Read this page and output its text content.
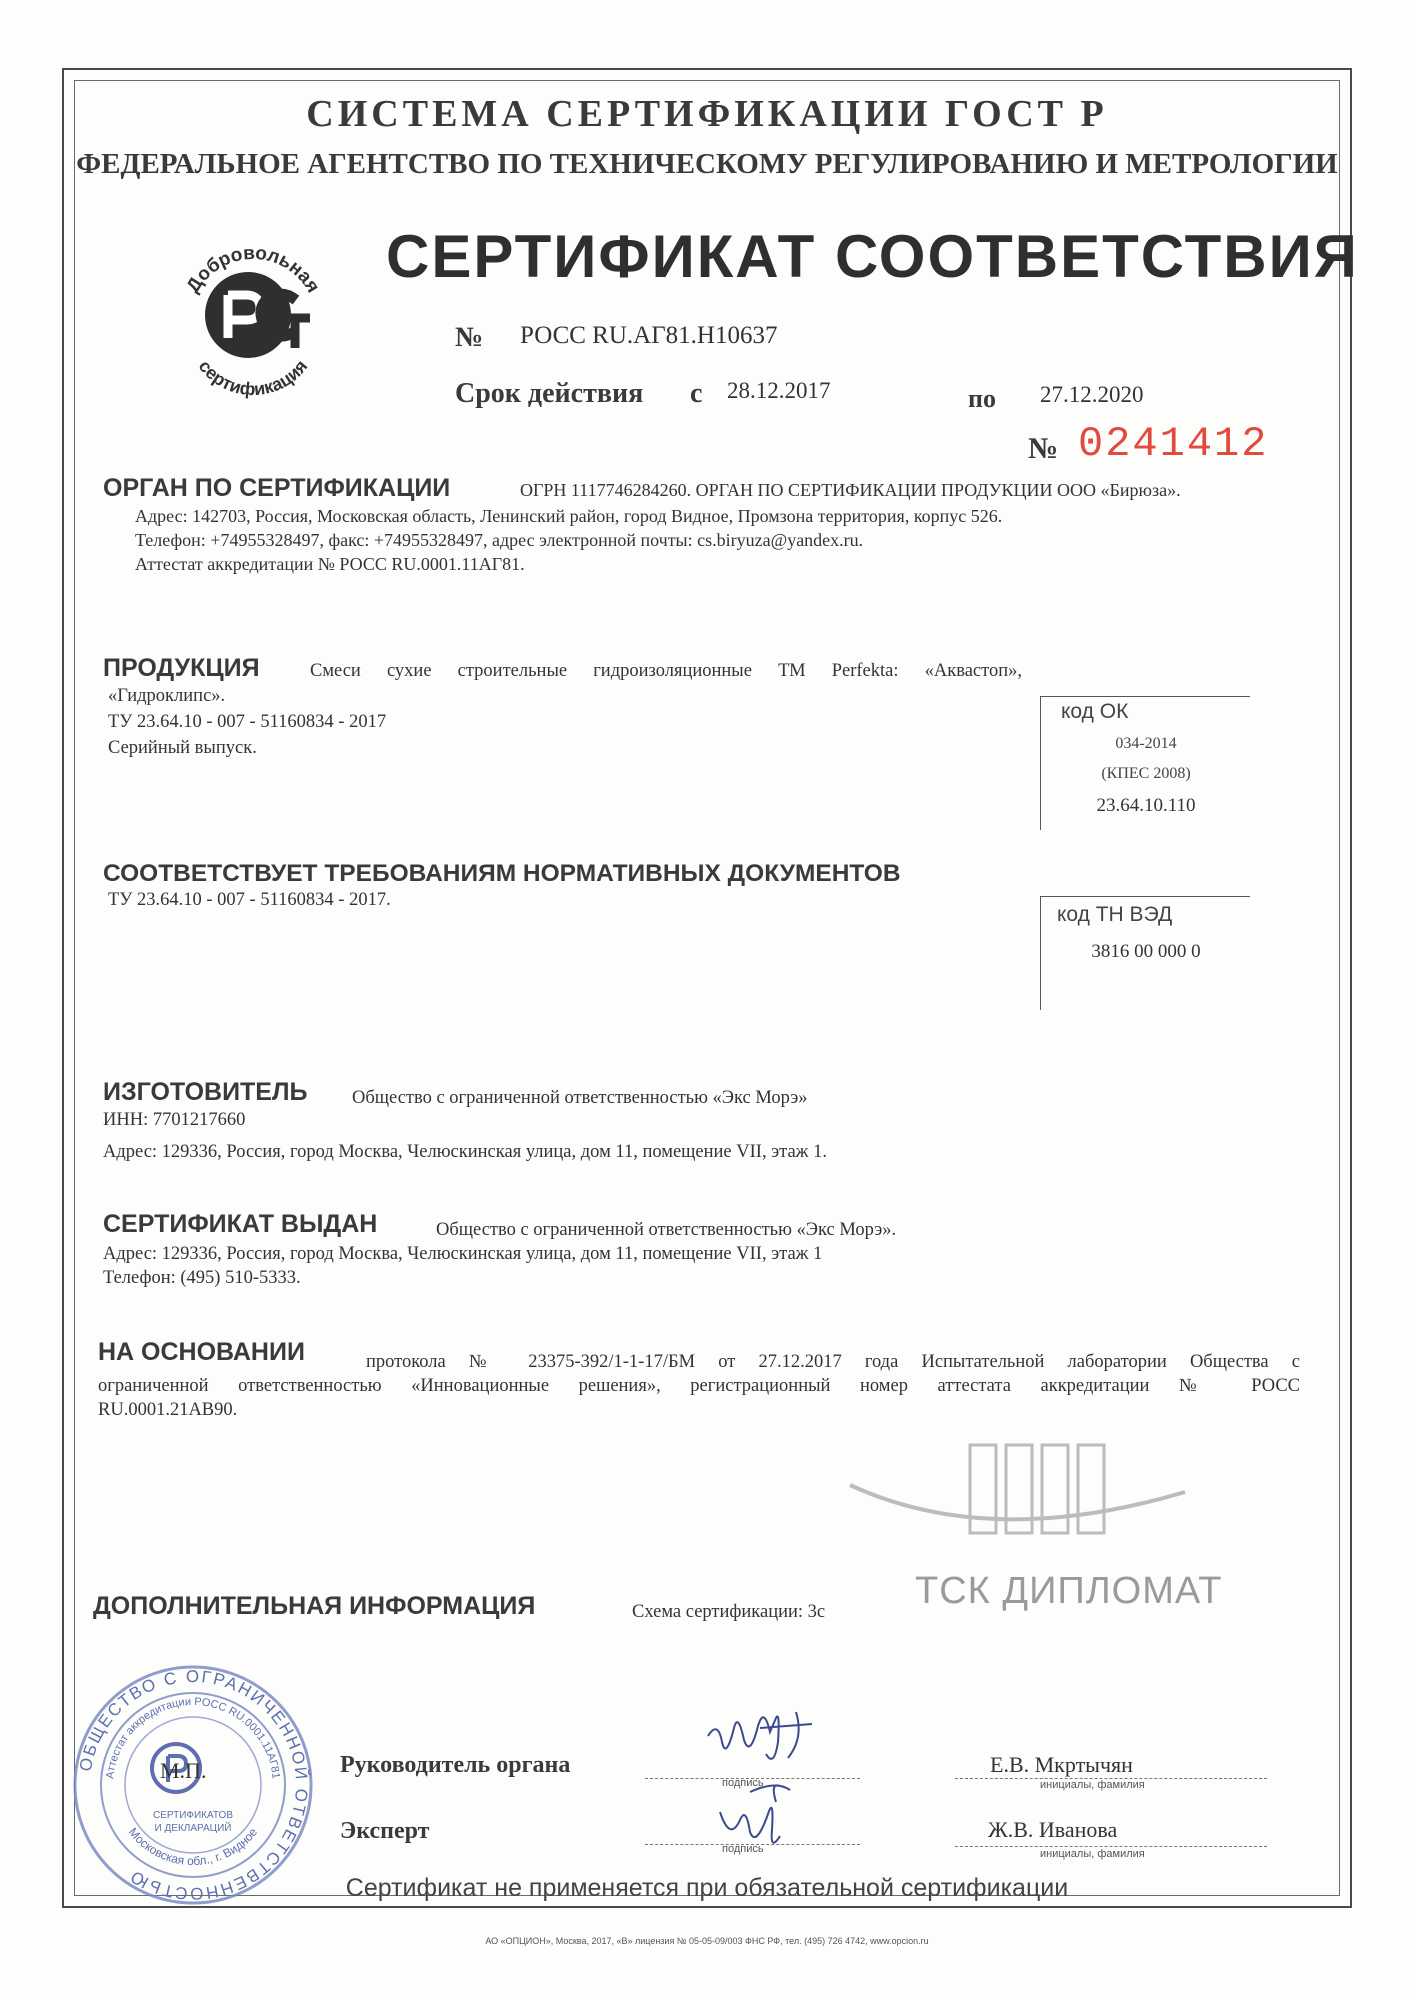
СИСТЕМА СЕРТИФИКАЦИИ ГОСТ Р
ФЕДЕРАЛЬНОЕ АГЕНТСТВО ПО ТЕХНИЧЕСКОМУ РЕГУЛИРОВАНИЮ И МЕТРОЛОГИИ
СЕРТИФИКАТ СООТВЕТСТВИЯ
Добровольная
сертификация
№ РОСС RU.АГ81.Н10637
Срок действия с 28.12.2017	по 27.12.2020
№ 0241412
ОРГАН ПО СЕРТИФИКАЦИИ	ОГРН 1117746284260. ОРГАН ПО СЕРТИФИКАЦИИ ПРОДУКЦИИ ООО «Бирюза».
Адрес: 142703, Россия, Московская область, Ленинский район, город Видное, Промзона территория, корпус 526.
Телефон: +74955328497, факс: +74955328497, адрес электронной почты: cs.biryuza@yandex.ru.
Аттестат аккредитации № РОСС RU.0001.11АГ81.
ПРОДУКЦИЯ	Смеси сухие строительные гидроизоляционные ТМ Perfekta: «Аквастоп»,
«Гидроклипс».
ТУ 23.64.10 - 007 - 51160834 - 2017
Серийный выпуск.
код ОК
034-2014
(КПЕС 2008)
23.64.10.110
СООТВЕТСТВУЕТ ТРЕБОВАНИЯМ НОРМАТИВНЫХ ДОКУМЕНТОВ
ТУ 23.64.10 - 007 - 51160834 - 2017.
код ТН ВЭД
3816 00 000 0
ИЗГОТОВИТЕЛЬ Общество с ограниченной ответственностью «Экс Морэ»
ИНН: 7701217660
Адрес: 129336, Россия, город Москва, Челюскинская улица, дом 11, помещение VII, этаж 1.
СЕРТИФИКАТ ВЫДАН	Общество с ограниченной ответственностью «Экс Морэ».
Адрес: 129336, Россия, город Москва, Челюскинская улица, дом 11, помещение VII, этаж 1
Телефон: (495) 510-5333.
НА ОСНОВАНИИ	протокола № 23375-392/1-1-17/БМ от 27.12.2017 года Испытательной лаборатории Общества с
ограниченной ответственностью «Инновационные решения», регистрационный номер аттестата аккредитации № РОСС
RU.0001.21АВ90.
ТСК ДИПЛОМАТ
ДОПОЛНИТЕЛЬНАЯ ИНФОРМАЦИЯ	Схема сертификации: 3с
ОБЩЕСТВО С ОГРАНИЧЕННОЙ ОТВЕТСТВЕННОСТЬЮ
Аттестат аккредитации РОСС RU.0001.11АГ81
Московская обл., г. Видное
СЕРТИФИКАТОВ
И ДЕКЛАРАЦИЙ
М.П.	Руководитель органа
подпись
Е.В. Мкртычян
инициалы, фамилия
Эксперт
подпись
Ж.В. Иванова
инициалы, фамилия
Сертификат не применяется при обязательной сертификации
АО «ОПЦИОН», Москва, 2017, «В» лицензия № 05-05-09/003 ФНС РФ, тел. (495) 726 4742, www.opcion.ru
